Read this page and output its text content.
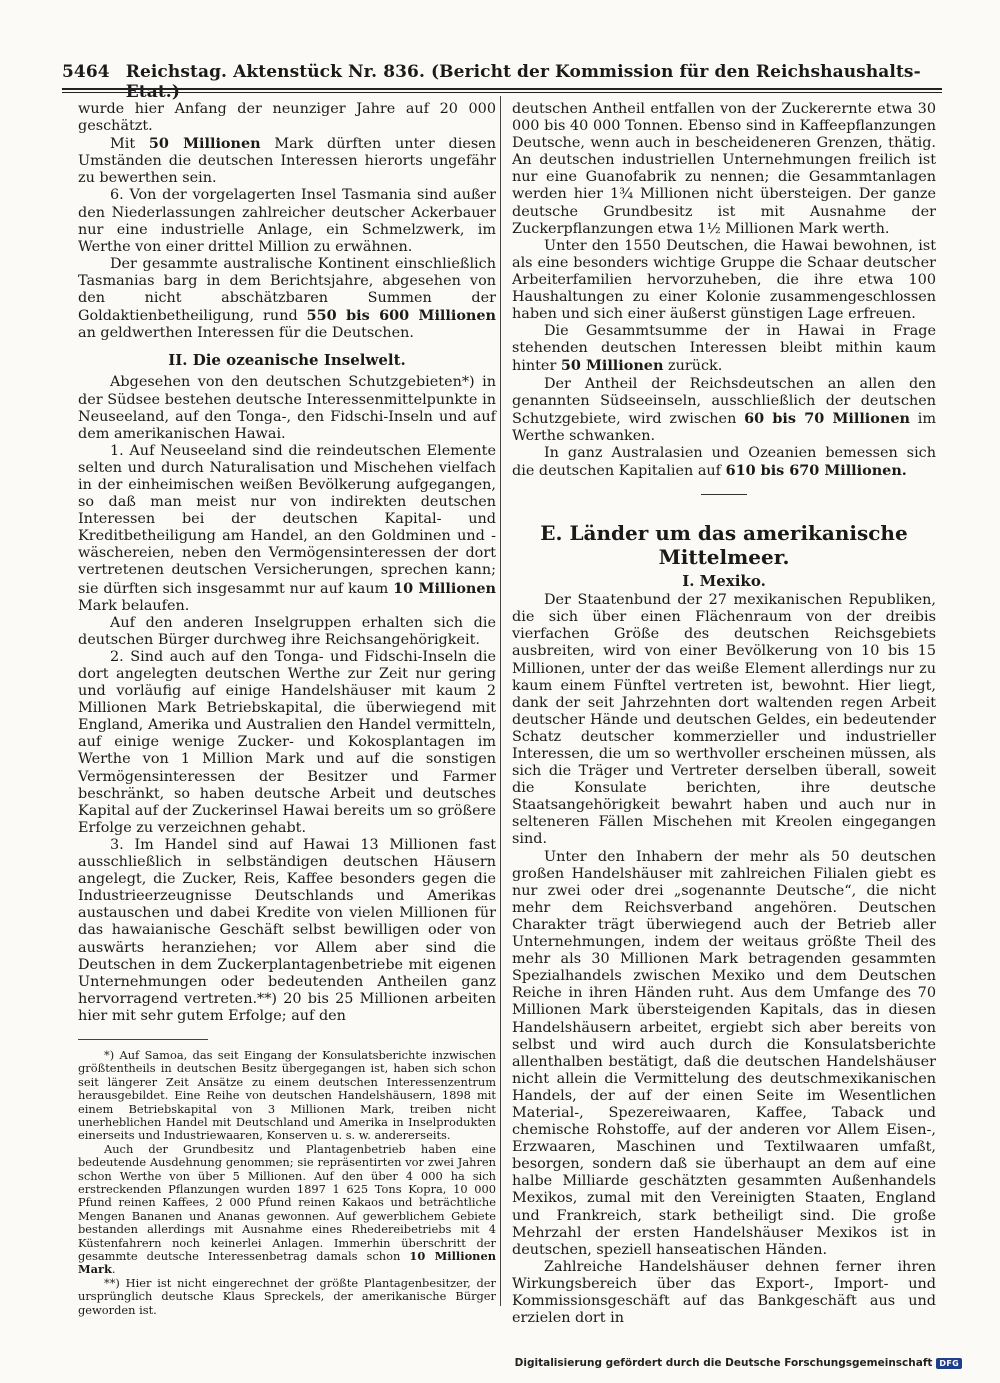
5464 Reichstag. Aktenstück Nr. 836. (Bericht der Kommission für den Reichshaushalts-Etat.)

wurde hier Anfang der neunziger Jahre auf 20 000 geschätzt.

Mit 50 Millionen Mark dürften unter diesen Umständen die deutschen Interessen hierorts ungefähr zu bewerthen sein.

6. Von der vorgelagerten Insel Tasmania sind außer den Niederlassungen zahlreicher deutscher Ackerbauer nur eine industrielle Anlage, ein Schmelzwerk, im Werthe von einer drittel Million zu erwähnen.

Der gesammte australische Kontinent einschließlich Tasmanias barg in dem Berichtsjahre, abgesehen von den nicht abschätzbaren Summen der Goldaktienbetheiligung, rund 550 bis 600 Millionen an geldwerthen Interessen für die Deutschen.

II. Die ozeanische Inselwelt.

Abgesehen von den deutschen Schutzgebieten*) in der Südsee bestehen deutsche Interessenmittelpunkte in Neuseeland, auf den Tonga-, den Fidschi-Inseln und auf dem amerikanischen Hawai.

1. Auf Neuseeland sind die reindeutschen Elemente selten und durch Naturalisation und Mischehen vielfach in der einheimischen weißen Bevölkerung aufgegangen, so daß man meist nur von indirekten deutschen Interessen bei der deutschen Kapital- und Kreditbetheiligung am Handel, an den Goldminen und -wäschereien, neben den Vermögensinteressen der dort vertretenen deutschen Versicherungen, sprechen kann; sie dürften sich insgesammt nur auf kaum 10 Millionen Mark belaufen.

Auf den anderen Inselgruppen erhalten sich die deutschen Bürger durchweg ihre Reichsangehörigkeit.

2. Sind auch auf den Tonga- und Fidschi-Inseln die dort angelegten deutschen Werthe zur Zeit nur gering und vorläufig auf einige Handelshäuser mit kaum 2 Millionen Mark Betriebskapital, die überwiegend mit England, Amerika und Australien den Handel vermitteln, auf einige wenige Zucker- und Kokosplantagen im Werthe von 1 Million Mark und auf die sonstigen Vermögensinteressen der Besitzer und Farmer beschränkt, so haben deutsche Arbeit und deutsches Kapital auf der Zuckerinsel Hawai bereits um so größere Erfolge zu verzeichnen gehabt.

3. Im Handel sind auf Hawai 13 Millionen fast ausschließlich in selbständigen deutschen Häusern angelegt, die Zucker, Reis, Kaffee besonders gegen die Industrieerzeugnisse Deutschlands und Amerikas austauschen und dabei Kredite von vielen Millionen für das hawaianische Geschäft selbst bewilligen oder von auswärts heranziehen; vor Allem aber sind die Deutschen in dem Zuckerplantagenbetriebe mit eigenen Unternehmungen oder bedeutenden Antheilen ganz hervorragend vertreten.**) 20 bis 25 Millionen arbeiten hier mit sehr gutem Erfolge; auf den

*) Auf Samoa, das seit Eingang der Konsulatsberichte inzwischen größtentheils in deutschen Besitz übergegangen ist, haben sich schon seit längerer Zeit Ansätze zu einem deutschen Interessenzentrum herausgebildet. Eine Reihe von deutschen Handelshäusern, 1898 mit einem Betriebskapital von 3 Millionen Mark, treiben nicht unerheblichen Handel mit Deutschland und Amerika in Inselprodukten einerseits und Industriewaaren, Konserven u. s. w. andererseits.

Auch der Grundbesitz und Plantagenbetrieb haben eine bedeutende Ausdehnung genommen; sie repräsentirten vor zwei Jahren schon Werthe von über 5 Millionen. Auf den über 4 000 ha sich erstreckenden Pflanzungen wurden 1897 1 625 Tons Kopra, 10 000 Pfund reinen Kaffees, 2 000 Pfund reinen Kakaos und beträchtliche Mengen Bananen und Ananas gewonnen. Auf gewerblichem Gebiete bestanden allerdings mit Ausnahme eines Rhedereibetriebs mit 4 Küstenfahrern noch keinerlei Anlagen. Immerhin überschritt der gesammte deutsche Interessenbetrag damals schon 10 Millionen Mark.

**) Hier ist nicht eingerechnet der größte Plantagenbesitzer, der ursprünglich deutsche Klaus Spreckels, der amerikanische Bürger geworden ist.

deutschen Antheil entfallen von der Zuckerernte etwa 30 000 bis 40 000 Tonnen. Ebenso sind in Kaffeepflanzungen Deutsche, wenn auch in bescheideneren Grenzen, thätig. An deutschen industriellen Unternehmungen freilich ist nur eine Guanofabrik zu nennen; die Gesammtanlagen werden hier 1¾ Millionen nicht übersteigen. Der ganze deutsche Grundbesitz ist mit Ausnahme der Zuckerpflanzungen etwa 1½ Millionen Mark werth.

Unter den 1550 Deutschen, die Hawai bewohnen, ist als eine besonders wichtige Gruppe die Schaar deutscher Arbeiterfamilien hervorzuheben, die ihre etwa 100 Haushaltungen zu einer Kolonie zusammengeschlossen haben und sich einer äußerst günstigen Lage erfreuen.

Die Gesammtsumme der in Hawai in Frage stehenden deutschen Interessen bleibt mithin kaum hinter 50 Millionen zurück.

Der Antheil der Reichsdeutschen an allen den genannten Südseeinseln, ausschließlich der deutschen Schutzgebiete, wird zwischen 60 bis 70 Millionen im Werthe schwanken.

In ganz Australasien und Ozeanien bemessen sich die deutschen Kapitalien auf 610 bis 670 Millionen.

E. Länder um das amerikanische
Mittelmeer.
I. Mexiko.

Der Staatenbund der 27 mexikanischen Republiken, die sich über einen Flächenraum von der dreibis vierfachen Größe des deutschen Reichsgebiets ausbreiten, wird von einer Bevölkerung von 10 bis 15 Millionen, unter der das weiße Element allerdings nur zu kaum einem Fünftel vertreten ist, bewohnt. Hier liegt, dank der seit Jahrzehnten dort waltenden regen Arbeit deutscher Hände und deutschen Geldes, ein bedeutender Schatz deutscher kommerzieller und industrieller Interessen, die um so werthvoller erscheinen müssen, als sich die Träger und Vertreter derselben überall, soweit die Konsulate berichten, ihre deutsche Staatsangehörigkeit bewahrt haben und auch nur in selteneren Fällen Mischehen mit Kreolen eingegangen sind.

Unter den Inhabern der mehr als 50 deutschen großen Handelshäuser mit zahlreichen Filialen giebt es nur zwei oder drei „sogenannte Deutsche“, die nicht mehr dem Reichsverband angehören. Deutschen Charakter trägt überwiegend auch der Betrieb aller Unternehmungen, indem der weitaus größte Theil des mehr als 30 Millionen Mark betragenden gesammten Spezialhandels zwischen Mexiko und dem Deutschen Reiche in ihren Händen ruht. Aus dem Umfange des 70 Millionen Mark übersteigenden Kapitals, das in diesen Handelshäusern arbeitet, ergiebt sich aber bereits von selbst und wird auch durch die Konsulatsberichte allenthalben bestätigt, daß die deutschen Handelshäuser nicht allein die Vermittelung des deutschmexikanischen Handels, der auf der einen Seite im Wesentlichen Material-, Spezereiwaaren, Kaffee, Taback und chemische Rohstoffe, auf der anderen vor Allem Eisen-, Erzwaaren, Maschinen und Textilwaaren umfaßt, besorgen, sondern daß sie überhaupt an dem auf eine halbe Milliarde geschätzten gesammten Außenhandels Mexikos, zumal mit den Vereinigten Staaten, England und Frankreich, stark betheiligt sind. Die große Mehrzahl der ersten Handelshäuser Mexikos ist in deutschen, speziell hanseatischen Händen.

Zahlreiche Handelshäuser dehnen ferner ihren Wirkungsbereich über das Export-, Import- und Kommissionsgeschäft auf das Bankgeschäft aus und erzielen dort in

Digitalisierung gefördert durch die Deutsche Forschungsgemeinschaft DFG
